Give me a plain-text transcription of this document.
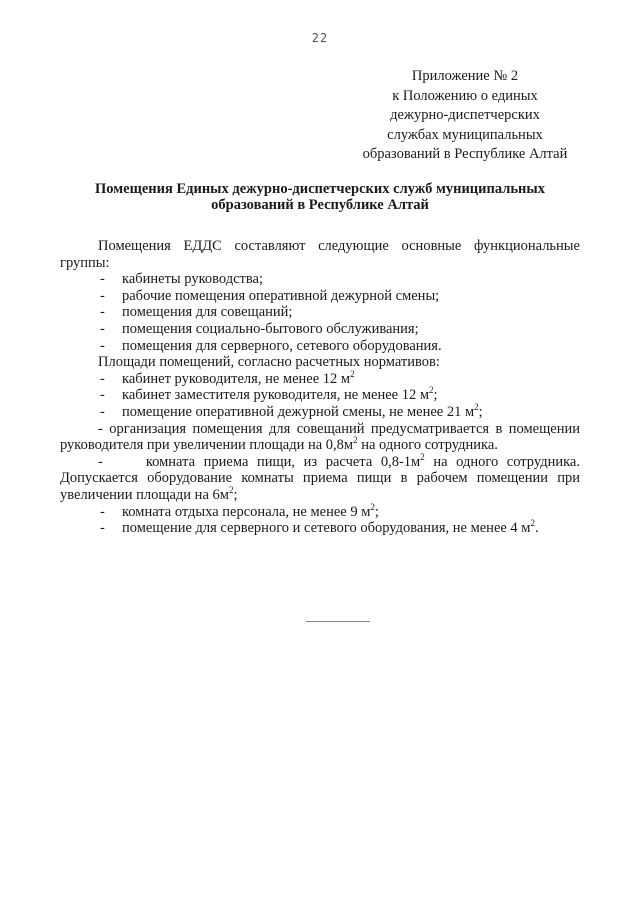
22
Приложение № 2
к Положению о единых
дежурно-диспетчерских
службах муниципальных
образований в Республике Алтай
Помещения Единых дежурно-диспетчерских служб муниципальных
образований в Республике Алтай

Помещения ЕДДС составляют следующие основные функциональные группы:

- кабинеты руководства;
- рабочие помещения оперативной дежурной смены;
- помещения для совещаний;
- помещения социально-бытового обслуживания;
- помещения для серверного, сетевого оборудования.
Площади помещений, согласно расчетных нормативов:
- кабинет руководителя, не менее 12 $м^2$
- кабинет заместителя руководителя, не менее 12 $м^2$;
- помещение оперативной дежурной смены, не менее 21 $м^2$;

- организация помещения для совещаний предусматривается в помещении руководителя при увеличении площади на $0,8м^2$ на одного сотрудника.

-     комната приема пищи, из расчета $0,8-1м^2$ на одного сотрудника. Допускается оборудование комнаты приема пищи в рабочем помещении при увеличении площади на $6м^2$;

- комната отдыха персонала, не менее 9 $м^2$;
- помещение для серверного и сетевого оборудования, не менее 4 $м^2$.
